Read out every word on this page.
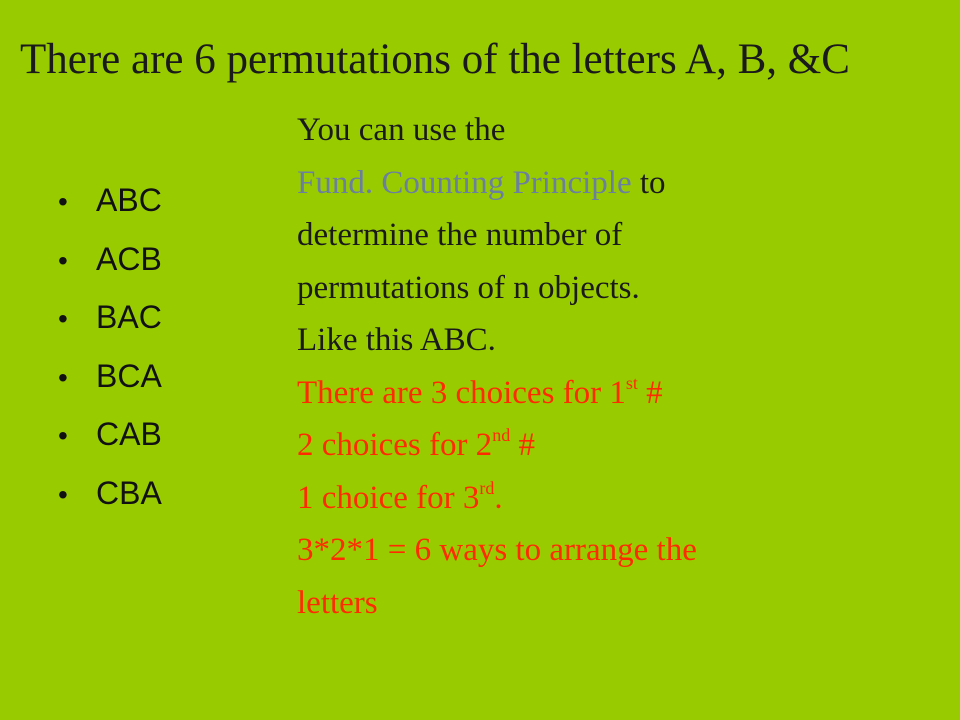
There are 6 permutations of the letters A, B, &C
• ABC
• ACB
• BAC
• BCA
• CAB
• CBA
You can use the
Fund. Counting Principle to
determine the number of
permutations of n objects.
Like this ABC.
There are 3 choices for 1st #
2 choices for 2nd #
1 choice for 3rd.
3*2*1 = 6 ways to arrange the
letters
